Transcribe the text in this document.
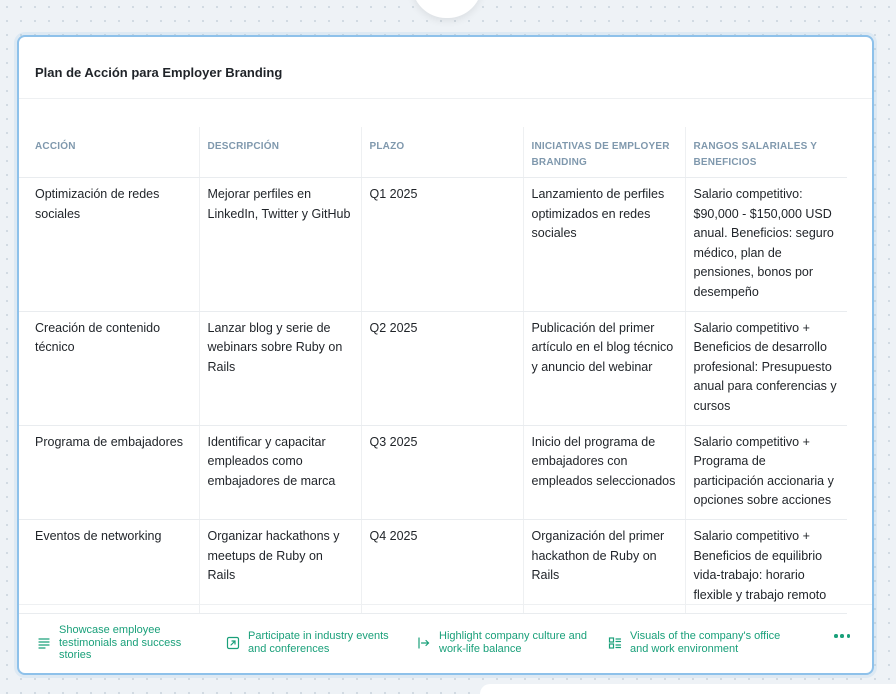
Plan de Acción para Employer Branding
ACCIÓN	DESCRIPCIÓN	PLAZO	INICIATIVAS DE EMPLOYER BRANDING	RANGOS SALARIALES Y BENEFICIOS
Optimización de redes sociales	Mejorar perfiles en LinkedIn, Twitter y GitHub	Q1 2025	Lanzamiento de perfiles optimizados en redes sociales	Salario competitivo: $90,000 - $150,000 USD anual. Beneficios: seguro médico, plan de pensiones, bonos por desempeño
Creación de contenido técnico	Lanzar blog y serie de webinars sobre Ruby on Rails	Q2 2025	Publicación del primer artículo en el blog técnico y anuncio del webinar	Salario competitivo + Beneficios de desarrollo profesional: Presupuesto anual para conferencias y cursos
Programa de embajadores	Identificar y capacitar empleados como embajadores de marca	Q3 2025	Inicio del programa de embajadores con empleados seleccionados	Salario competitivo + Programa de participación accionaria y opciones sobre acciones
Eventos de networking	Organizar hackathons y meetups de Ruby on Rails	Q4 2025	Organización del primer hackathon de Ruby on Rails	Salario competitivo + Beneficios de equilibrio vida-trabajo: horario flexible y trabajo remoto
Showcase employee testimonials and success stories
Participate in industry events and conferences
Highlight company culture and work-life balance
Visuals of the company's office and work environment
